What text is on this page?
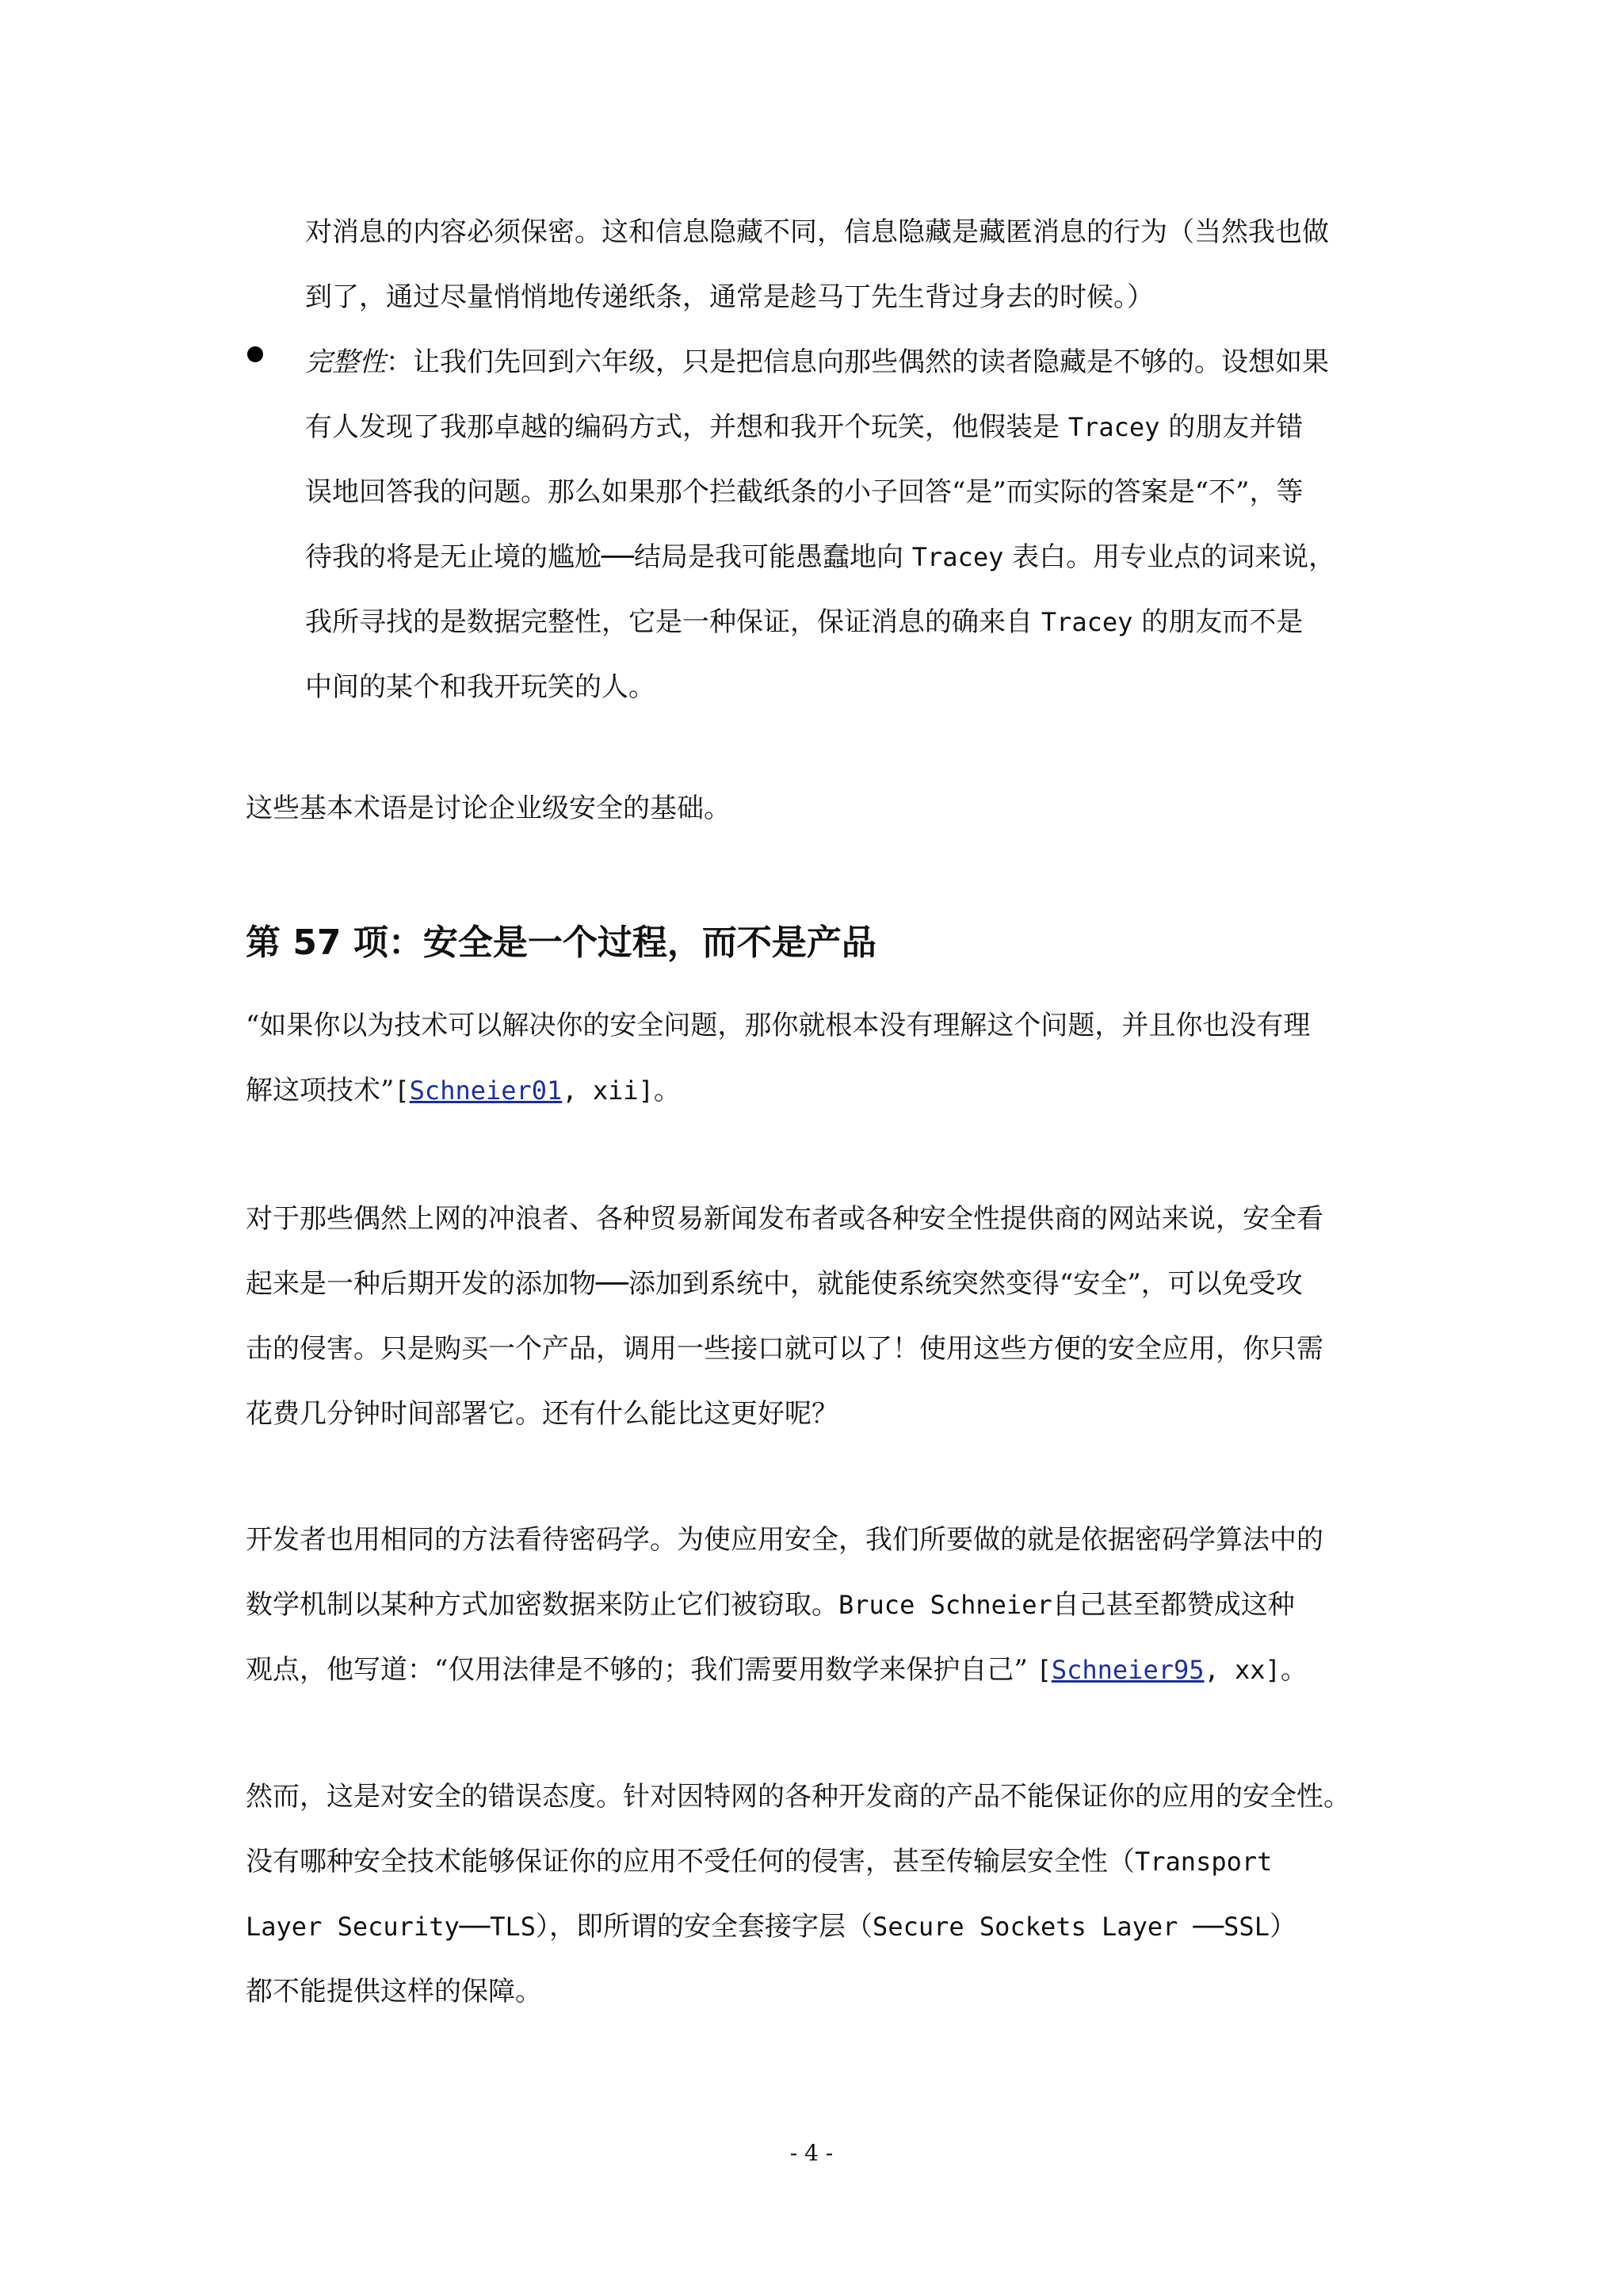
对消息的内容必须保密。这和信息隐藏不同，信息隐藏是藏匿消息的行为（当然我也做
到了，通过尽量悄悄地传递纸条，通常是趁马丁先生背过身去的时候。）
完整性：让我们先回到六年级，只是把信息向那些偶然的读者隐藏是不够的。设想如果
有人发现了我那卓越的编码方式，并想和我开个玩笑，他假装是 Tracey 的朋友并错
误地回答我的问题。那么如果那个拦截纸条的小子回答“是”而实际的答案是“不”，等
待我的将是无止境的尴尬──结局是我可能愚蠢地向 Tracey 表白。用专业点的词来说，
我所寻找的是数据完整性，它是一种保证，保证消息的确来自 Tracey 的朋友而不是
中间的某个和我开玩笑的人。
这些基本术语是讨论企业级安全的基础。
第 57 项：安全是一个过程，而不是产品
“如果你以为技术可以解决你的安全问题，那你就根本没有理解这个问题，并且你也没有理
解这项技术”[Schneier01, xii]。
对于那些偶然上网的冲浪者、各种贸易新闻发布者或各种安全性提供商的网站来说，安全看
起来是一种后期开发的添加物──添加到系统中，就能使系统突然变得“安全”，可以免受攻
击的侵害。只是购买一个产品，调用一些接口就可以了！使用这些方便的安全应用，你只需
花费几分钟时间部署它。还有什么能比这更好呢？
开发者也用相同的方法看待密码学。为使应用安全，我们所要做的就是依据密码学算法中的
数学机制以某种方式加密数据来防止它们被窃取。Bruce Schneier自己甚至都赞成这种
观点，他写道：“仅用法律是不够的；我们需要用数学来保护自己” [Schneier95, xx]。
然而，这是对安全的错误态度。针对因特网的各种开发商的产品不能保证你的应用的安全性。
没有哪种安全技术能够保证你的应用不受任何的侵害，甚至传输层安全性（Transport
Layer Security──TLS），即所谓的安全套接字层（Secure Sockets Layer ──SSL）
都不能提供这样的保障。
- 4 -
